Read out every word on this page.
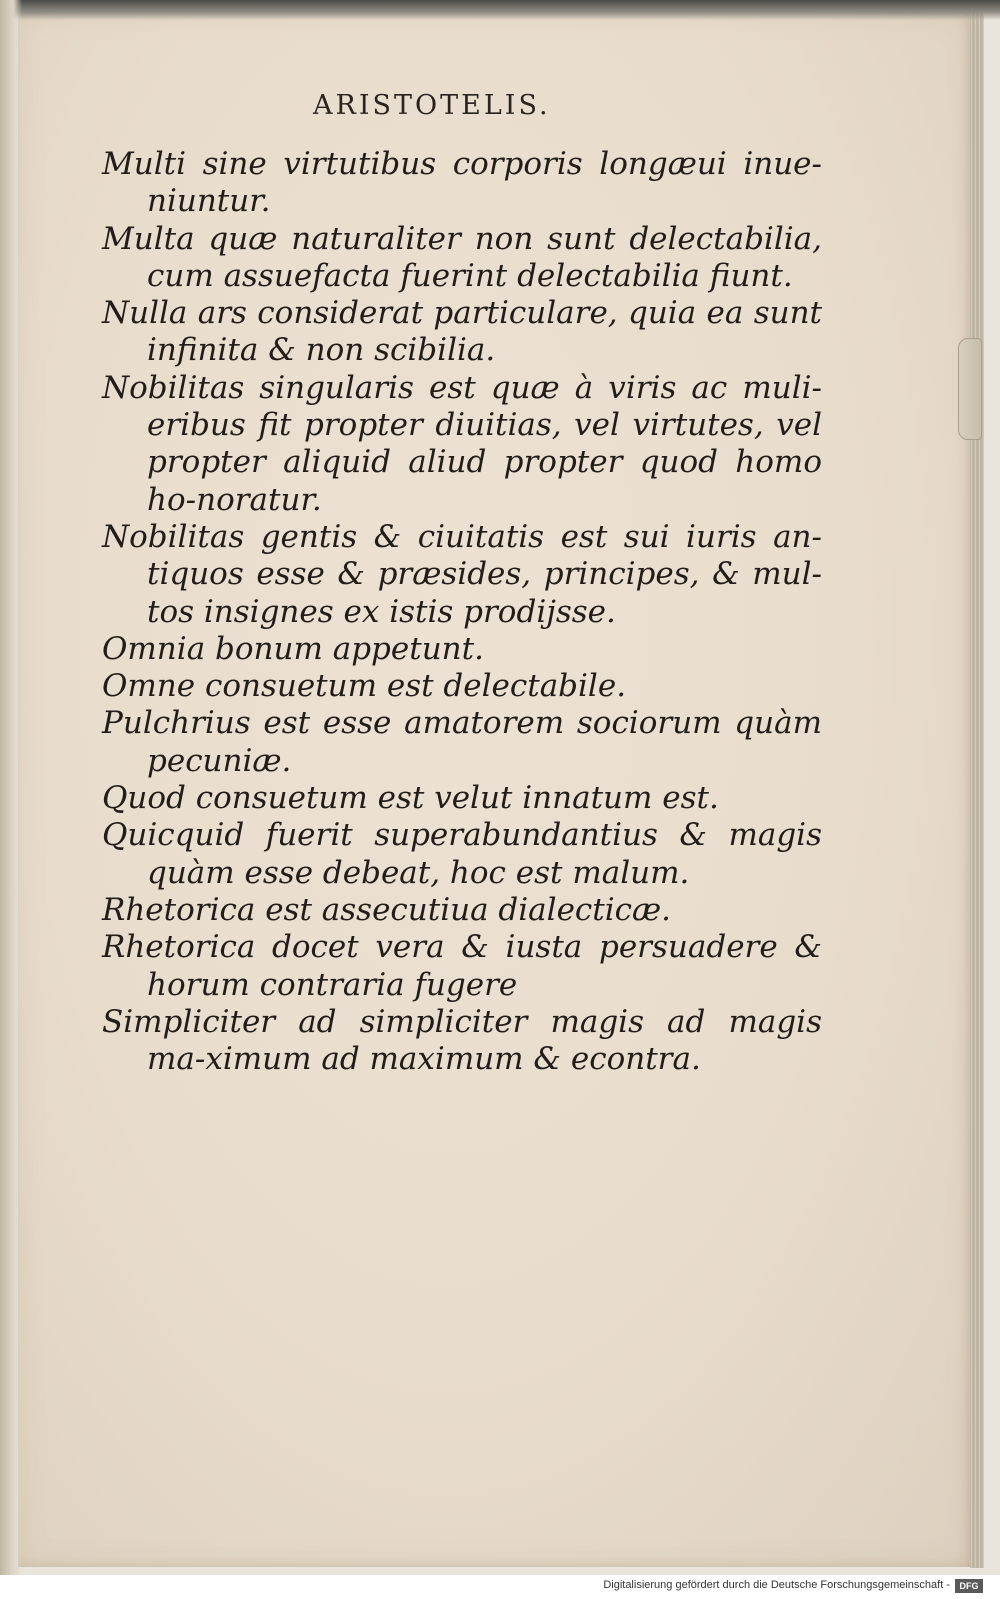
ARISTOTELIS.

Multi sine virtutibus corporis longæui inue-niuntur.

Multa quæ naturaliter non sunt delectabilia, cum assuefacta fuerint delectabilia fiunt.

Nulla ars considerat particulare, quia ea sunt infinita & non scibilia.

Nobilitas singularis est quæ à viris ac muli-eribus fit propter diuitias, vel virtutes, vel propter aliquid aliud propter quod homo ho-noratur.

Nobilitas gentis & ciuitatis est sui iuris an-tiquos esse & præsides, principes, & mul-tos insignes ex istis prodijsse.

Omnia bonum appetunt.

Omne consuetum est delectabile.

Pulchrius est esse amatorem sociorum quàm pecuniæ.

Quod consuetum est velut innatum est.

Quicquid fuerit superabundantius & magis quàm esse debeat, hoc est malum.

Rhetorica est assecutiua dialecticæ.

Rhetorica docet vera & iusta persuadere & horum contraria fugere

Simpliciter ad simpliciter magis ad magis ma-ximum ad maximum & econtra.

Digitalisierung gefördert durch die Deutsche Forschungsgemeinschaft -	DFG
